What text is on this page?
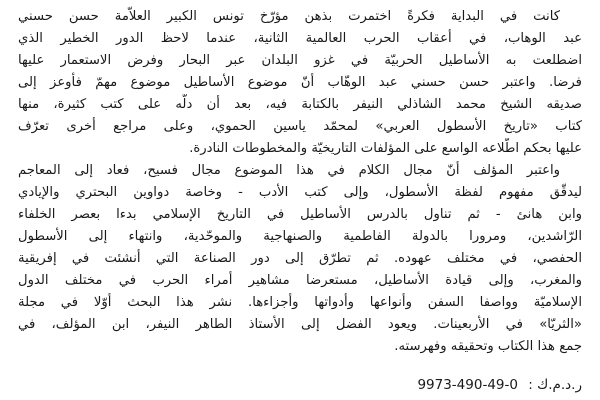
كانت في البداية فكرةً اختمرت بذهن مؤرّخ تونس الكبير العلاّمة حسن حسني
عبد الوهاب، في أعقاب الحرب العالمية الثانية، عندما لاحظ الدور الخطير الذي
اضطلعت به الأساطيل الحربيّة في غزو البلدان عبر البحار وفرض الاستعمار عليها
فرضا. واعتبر حسن حسني عبد الوهّاب أنّ موضوع الأساطيل موضوع مهمّ فأوعز إلى
صديقه الشيخ محمد الشاذلي النيفر بالكتابة فيه، بعد أن دلّه على كتب كثيرة، منها
كتاب «تاريخ الأسطول العربي» لمحمّد ياسين الحموي، وعلى مراجع أخرى تعرّف
عليها بحكم اطّلاعه الواسع على المؤلفات التاريخيّة والمخطوطات النادرة.
واعتبر المؤلف أنّ مجال الكلام في هذا الموضوع مجال فسيح، فعاد إلى المعاجم
ليدقّق مفهوم لفظة الأسطول، وإلى كتب الأدب - وخاصة دواوين البحتري والإيادي
وابن هانئ - ثم تناول بالدرس الأساطيل في التاريخ الإسلامي بدءا بعصر الخلفاء
الرّاشدين، ومرورا بالدولة الفاطمية والصنهاجية والموحّدية، وانتهاء إلى الأسطول
الحفصي، في مختلف عهوده. ثم تطرّق إلى دور الصناعة التي أنشئت في إفريقية
والمغرب، وإلى قيادة الأساطيل، مستعرضا مشاهير أمراء الحرب في مختلف الدول
الإسلاميّة وواصفا السفن وأنواعها وأدواتها وأجزاءها. نشر هذا البحث أوّلا في مجلة
«الثريّا» في الأربعينات. ويعود الفضل إلى الأستاذ الطاهر النيفر، ابن المؤلف، في
جمع هذا الكتاب وتحقيقه وفهرسته.
ر.د.م.ك : 9973-490-49-0
